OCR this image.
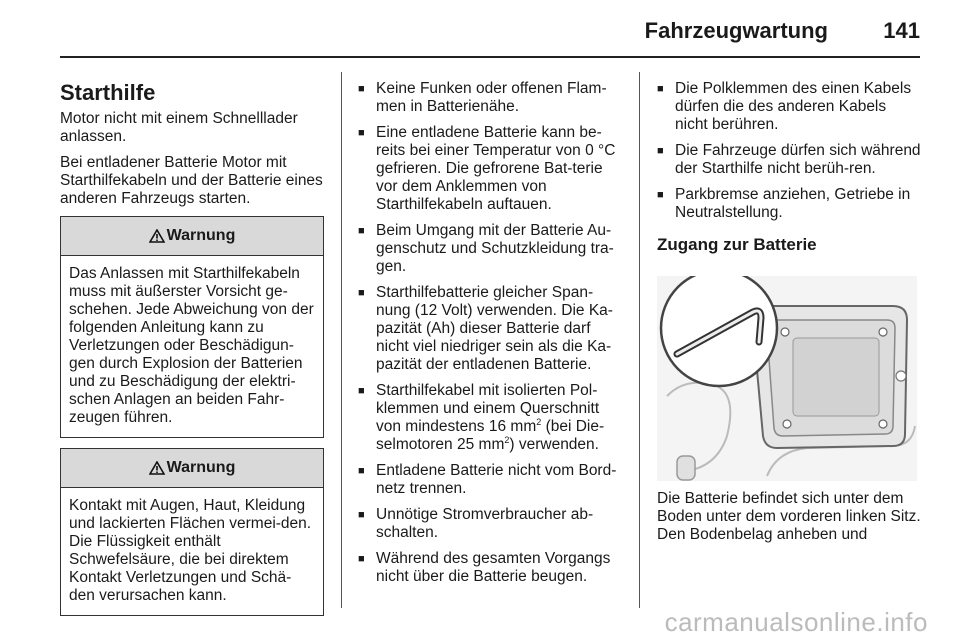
Fahrzeugwartung	141
Starthilfe

Motor nicht mit einem Schnelllader anlassen.

Bei entladener Batterie Motor mit Starthilfekabeln und der Batterie eines anderen Fahrzeugs starten.

Warnung
Das Anlassen mit Starthilfekabeln muss mit äußerster Vorsicht ge-schehen. Jede Abweichung von der folgenden Anleitung kann zu Verletzungen oder Beschädigun-gen durch Explosion der Batterien und zu Beschädigung der elektri-schen Anlagen an beiden Fahr-zeugen führen.
Warnung
Kontakt mit Augen, Haut, Kleidung und lackierten Flächen vermei-den. Die Flüssigkeit enthält Schwefelsäure, die bei direktem Kontakt Verletzungen und Schä-den verursachen kann.
■ Keine Funken oder offenen Flam-men in Batterienähe.
■ Eine entladene Batterie kann be-reits bei einer Temperatur von 0 °C gefrieren. Die gefrorene Bat-terie vor dem Anklemmen von Starthilfekabeln auftauen.
■ Beim Umgang mit der Batterie Au-genschutz und Schutzkleidung tra-gen.
■ Starthilfebatterie gleicher Span-nung (12 Volt) verwenden. Die Ka-pazität (Ah) dieser Batterie darf nicht viel niedriger sein als die Ka-pazität der entladenen Batterie.
■ Starthilfekabel mit isolierten Pol-klemmen und einem Querschnitt von mindestens 16 $mm^2$ (bei Die-selmotoren 25 $mm^2$) verwenden.
■ Entladene Batterie nicht vom Bord-netz trennen.
■ Unnötige Stromverbraucher ab-schalten.
■ Während des gesamten Vorgangs nicht über die Batterie beugen.
■ Die Polklemmen des einen Kabels dürfen die des anderen Kabels nicht berühren.
■ Die Fahrzeuge dürfen sich während der Starthilfe nicht berüh-ren.
■ Parkbremse anziehen, Getriebe in Neutralstellung.
Zugang zur Batterie

Die Batterie befindet sich unter dem Boden unter dem vorderen linken Sitz. Den Bodenbelag anheben und

carmanualsonline.info
